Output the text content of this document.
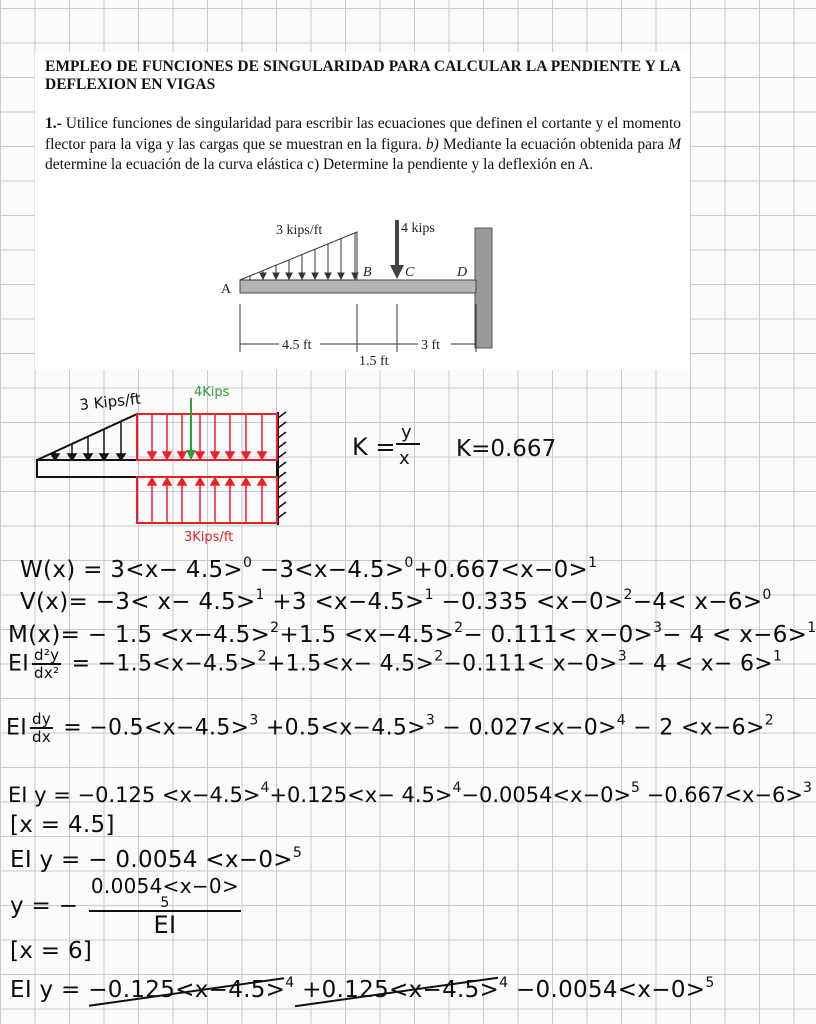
EMPLEO DE FUNCIONES DE SINGULARIDAD PARA CALCULAR LA PENDIENTE Y LA DEFLEXION EN VIGAS

1.- Utilice funciones de singularidad para escribir las ecuaciones que definen el cortante y el momento flector para la viga y las cargas que se muestran en la figura. b) Mediante la ecuación obtenida para M determine la ecuación de la curva elástica c) Determine la pendiente y la deflexión en A.

3 kips/ft	4 kips
A
B C	D
4.5 ft
1.5 ft
3 ft
3 Kips/ft	4Kips
3Kips/ft
K =
y
x K=0.667
W(x) = 3<x− 4.5>$^0$ −3<x−4.5>$^0$+0.667<x−0>$^1$
V(x)= −3< x− 4.5>$^1$ +3 <x−4.5>$^1$ −0.335 <x−0>$^2$−4< x−6>$^0$
M(x)= − 1.5 <x−4.5>$^2$+1.5 <x−4.5>$^2$− 0.111< x−0>$^3$− 4 < x−6>$^1$
EI $\frac{\text{d²y}}{\text{dx²}} = -1.5<x-4.5>^2+1.5<x- 4.5>^2-0.111< x-0>^3- 4 < x- 6>^1$
EI $\frac{dy}{dx} = -0.5<x-4.5>^3 +0.5<x-4.5>^3 - 0.027<x-0>^4 - 2 <x-6>^2$
EI y = −0.125 <x−4.5>$^4$+0.125<x− 4.5>$^4$−0.0054<x−0>$^5$ −0.667<x−6>$^3$
[x = 4.5]
EI y = − 0.0054 <x−0>$^5$
y = − 0.0054<x−0>
5
EI
[x = 6]
EI y = −0.125<x−4.5>$^4$ +0.125<x−4.5>$^4$ −0.0054<x−0>$^5$
